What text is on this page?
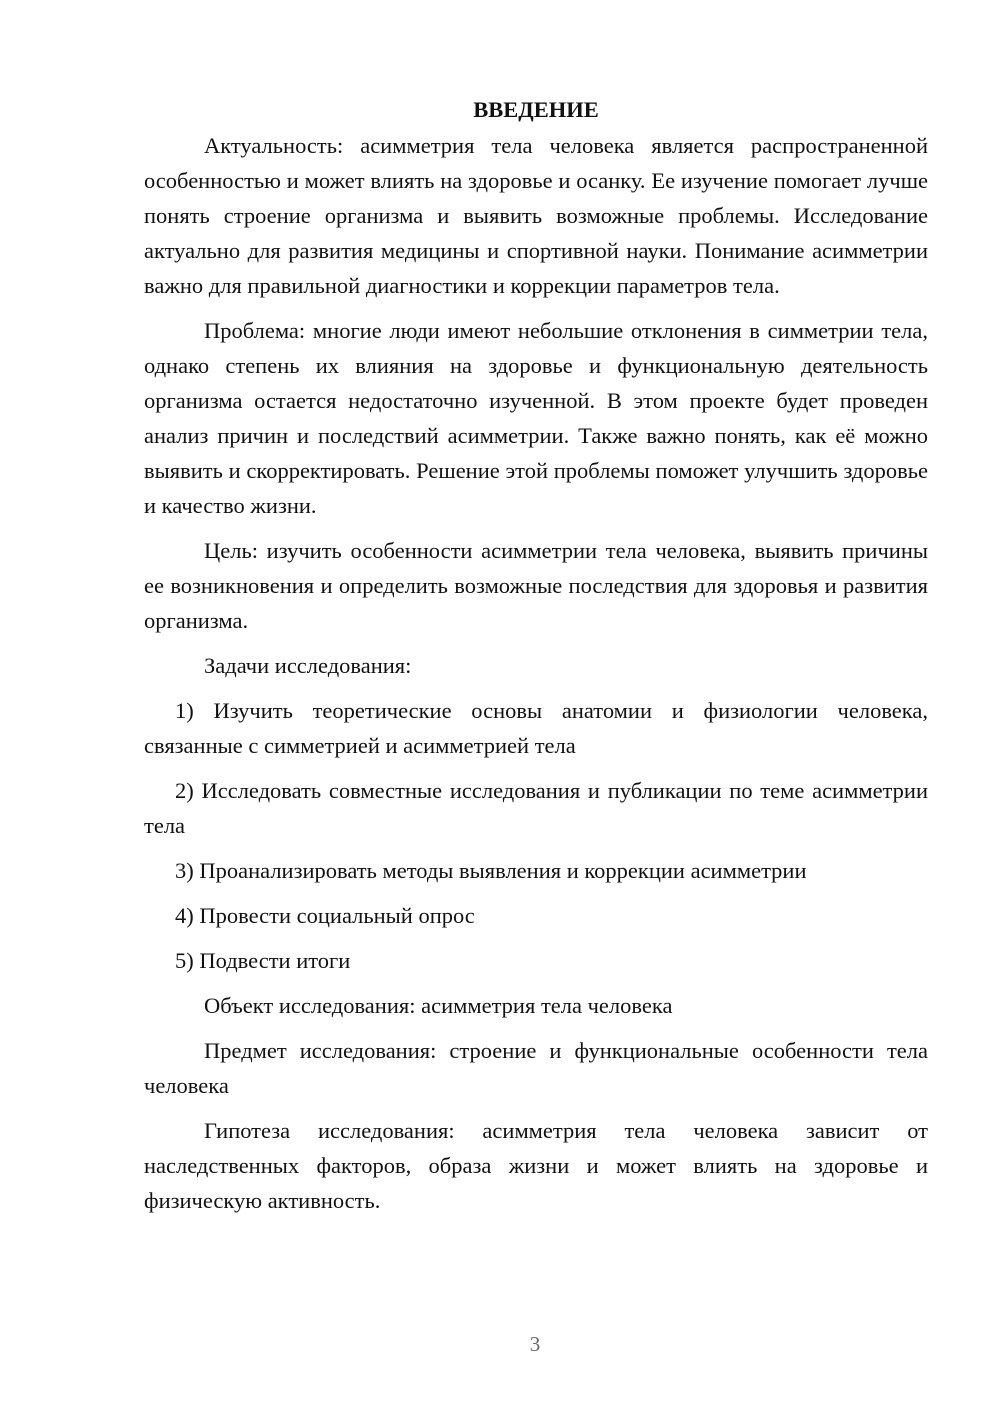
ВВЕДЕНИЕ

Актуальность: асимметрия тела человека является распространенной особенностью и может влиять на здоровье и осанку. Ее изучение помогает лучше понять строение организма и выявить возможные проблемы. Исследование актуально для развития медицины и спортивной науки. Понимание асимметрии важно для правильной диагностики и коррекции параметров тела.

Проблема: многие люди имеют небольшие отклонения в симметрии тела, однако степень их влияния на здоровье и функциональную деятельность организма остается недостаточно изученной. В этом проекте будет проведен анализ причин и последствий асимметрии. Также важно понять, как её можно выявить и скорректировать. Решение этой проблемы поможет улучшить здоровье и качество жизни.

Цель: изучить особенности асимметрии тела человека, выявить причины ее возникновения и определить возможные последствия для здоровья и развития организма.

Задачи исследования:

1) Изучить теоретические основы анатомии и физиологии человека, связанные с симметрией и асимметрией тела

2) Исследовать совместные исследования и публикации по теме асимметрии тела

3) Проанализировать методы выявления и коррекции асимметрии

4) Провести социальный опрос

5) Подвести итоги

Объект исследования: асимметрия тела человека

Предмет исследования: строение и функциональные особенности тела человека

Гипотеза исследования: асимметрия тела человека зависит от наследственных факторов, образа жизни и может влиять на здоровье и физическую активность.

3
